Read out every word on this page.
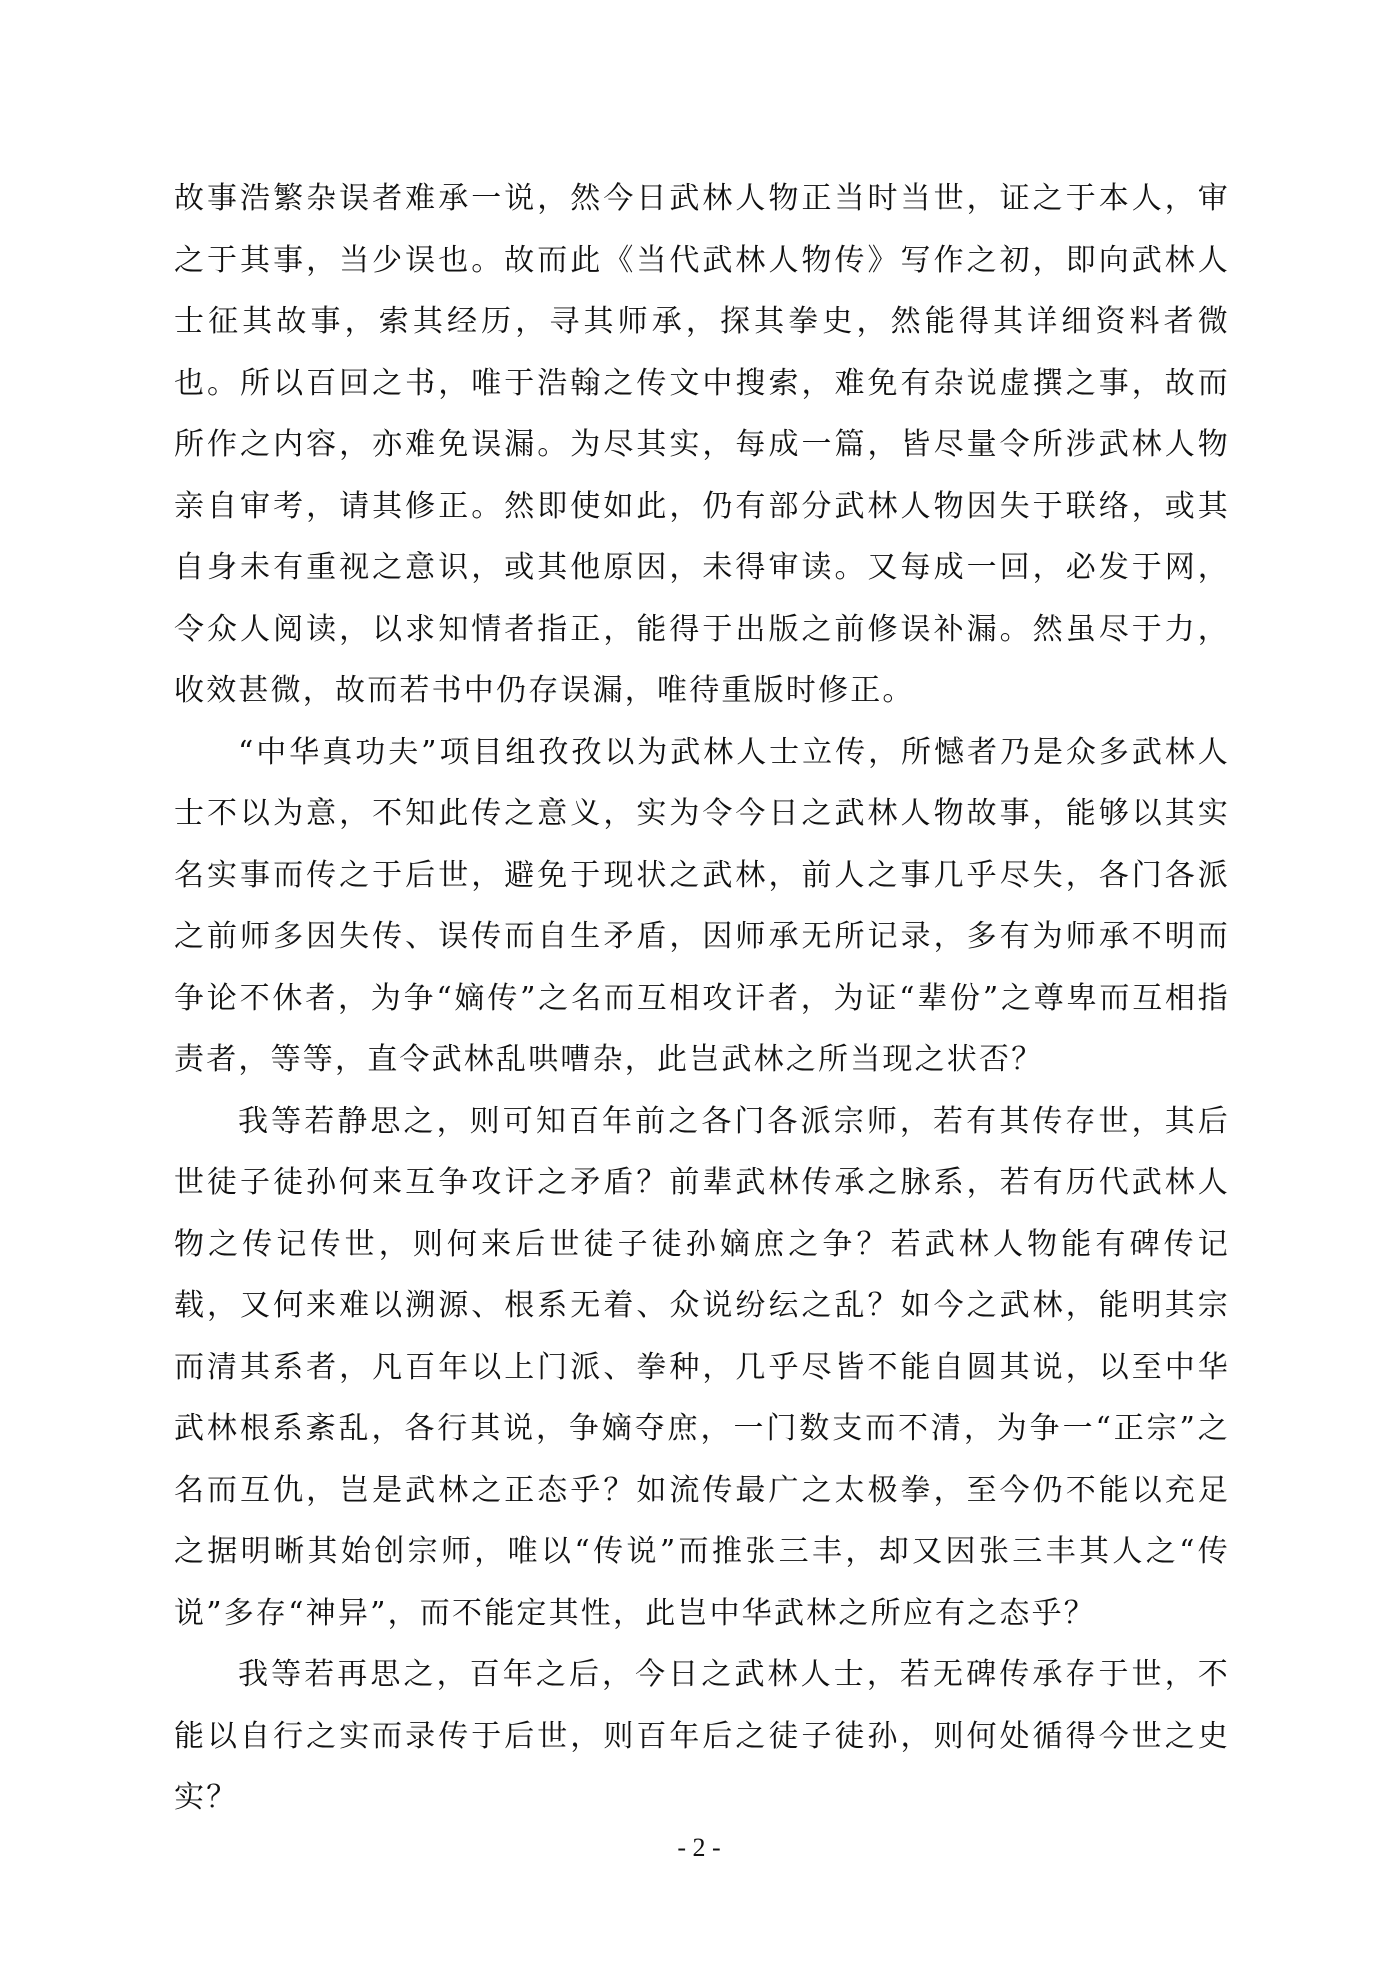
故事浩繁杂误者难承一说，然今日武林人物正当时当世，证之于本人，审之于其事，当少误也。故而此《当代武林人物传》写作之初，即向武林人士征其故事，索其经历，寻其师承，探其拳史，然能得其详细资料者微也。所以百回之书，唯于浩翰之传文中搜索，难免有杂说虚撰之事，故而所作之内容，亦难免误漏。为尽其实，每成一篇，皆尽量令所涉武林人物亲自审考，请其修正。然即使如此，仍有部分武林人物因失于联络，或其自身未有重视之意识，或其他原因，未得审读。又每成一回，必发于网，令众人阅读，以求知情者指正，能得于出版之前修误补漏。然虽尽于力，收效甚微，故而若书中仍存误漏，唯待重版时修正。

“中华真功夫”项目组孜孜以为武林人士立传，所憾者乃是众多武林人士不以为意，不知此传之意义，实为令今日之武林人物故事，能够以其实名实事而传之于后世，避免于现状之武林，前人之事几乎尽失，各门各派之前师多因失传、误传而自生矛盾，因师承无所记录，多有为师承不明而争论不休者，为争“嫡传”之名而互相攻讦者，为证“辈份”之尊卑而互相指责者，等等，直令武林乱哄嘈杂，此岂武林之所当现之状否？

我等若静思之，则可知百年前之各门各派宗师，若有其传存世，其后世徒子徒孙何来互争攻讦之矛盾？前辈武林传承之脉系，若有历代武林人物之传记传世，则何来后世徒子徒孙嫡庶之争？若武林人物能有碑传记载，又何来难以溯源、根系无着、众说纷纭之乱？如今之武林，能明其宗而清其系者，凡百年以上门派、拳种，几乎尽皆不能自圆其说，以至中华武林根系紊乱，各行其说，争嫡夺庶，一门数支而不清，为争一“正宗”之名而互仇，岂是武林之正态乎？如流传最广之太极拳，至今仍不能以充足之据明晰其始创宗师，唯以“传说”而推张三丰，却又因张三丰其人之“传说”多存“神异”，而不能定其性，此岂中华武林之所应有之态乎？

我等若再思之，百年之后，今日之武林人士，若无碑传承存于世，不能以自行之实而录传于后世，则百年后之徒子徒孙，则何处循得今世之史实？

- 2 -
